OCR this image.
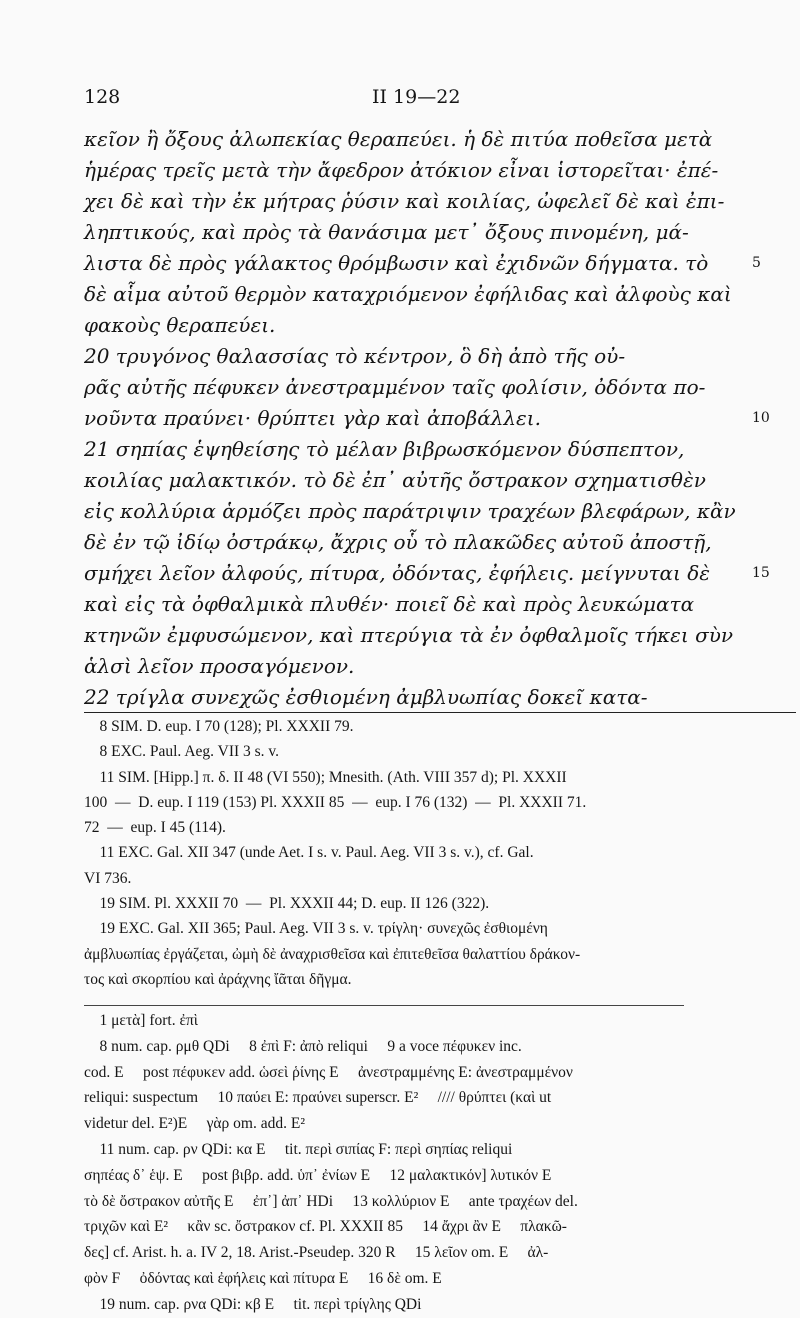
128	II 19—22
κεῖον ἢ ὄξους ἀλωπεκίας θεραπεύει. ἡ δὲ πιτύα ποθεῖσα μετὰ
ἡμέρας τρεῖς μετὰ τὴν ἄφεδρον ἀτόκιον εἶναι ἱστορεῖται· ἐπέ-
χει δὲ καὶ τὴν ἐκ μήτρας ῥύσιν καὶ κοιλίας, ὠφελεῖ δὲ καὶ ἐπι-
ληπτικούς, καὶ πρὸς τὰ θανάσιμα μετ᾽ ὄξους πινομένη, μά-
λιστα δὲ πρὸς γάλακτος θρόμβωσιν καὶ ἐχιδνῶν δήγματα. τὸ	5
δὲ αἷμα αὐτοῦ θερμὸν καταχριόμενον ἐφήλιδας καὶ ἀλφοὺς καὶ
φακοὺς θεραπεύει.
20 τρυγόνος θαλασσίας τὸ κέντρον, ὃ δὴ ἀπὸ τῆς οὐ-
ρᾶς αὐτῆς πέφυκεν ἀνεστραμμένον ταῖς φολίσιν, ὀδόντα πο-
νοῦντα πραύνει· θρύπτει γὰρ καὶ ἀποβάλλει.	10
21 σηπίας ἑψηθείσης τὸ μέλαν βιβρωσκόμενον δύσπεπτον,
κοιλίας μαλακτικόν. τὸ δὲ ἐπ᾽ αὐτῆς ὄστρακον σχηματισθὲν
εἰς κολλύρια ἁρμόζει πρὸς παράτριψιν τραχέων βλεφάρων, κἂν
δὲ ἐν τῷ ἰδίῳ ὀστράκῳ, ἄχρις οὗ τὸ πλακῶδες αὐτοῦ ἀποστῇ,
σμήχει λεῖον ἀλφούς, πίτυρα, ὀδόντας, ἐφήλεις. μείγνυται δὲ	15
καὶ εἰς τὰ ὀφθαλμικὰ πλυθέν· ποιεῖ δὲ καὶ πρὸς λευκώματα
κτηνῶν ἐμφυσώμενον, καὶ πτερύγια τὰ ἐν ὀφθαλμοῖς τήκει σὺν
ἁλσὶ λεῖον προσαγόμενον.
22 τρίγλα συνεχῶς ἐσθιομένη ἀμβλυωπίας δοκεῖ κατα-
8 SIM. D. eup. I 70 (128); Pl. XXXII 79.
8 EXC. Paul. Aeg. VII 3 s. v.
11 SIM. [Hipp.] π. δ. II 48 (VI 550); Mnesith. (Ath. VIII 357 d); Pl. XXXII
100  —  D. eup. I 119 (153) Pl. XXXII 85  —  eup. I 76 (132)  —  Pl. XXXII 71.
72  —  eup. I 45 (114).
11 EXC. Gal. XII 347 (unde Aet. I s. v. Paul. Aeg. VII 3 s. v.), cf. Gal.
VI 736.
19 SIM. Pl. XXXII 70  —  Pl. XXXII 44; D. eup. II 126 (322).
19 EXC. Gal. XII 365; Paul. Aeg. VII 3 s. v. τρίγλη· συνεχῶς ἐσθιομένη
ἀμβλυωπίας ἐργάζεται, ὠμὴ δὲ ἀναχρισθεῖσα καὶ ἐπιτεθεῖσα θαλαττίου δράκον-
τος καὶ σκορπίου καὶ ἀράχνης ἴᾶται δῆγμα.
1 μετὰ] fort. ἐπὶ
8 num. cap. ρμθ QDi     8 ἐπὶ F: ἀπὸ reliqui     9 a voce πέφυκεν inc.
cod. E     post πέφυκεν add. ὡσεὶ ῥίνης E     ἀνεστραμμένης E: ἀνεστραμμένον
reliqui: suspectum     10 παύει E: πραύνει superscr. E²     //// θρύπτει (καὶ ut
videtur del. E²)E     γὰρ om. add. E²
11 num. cap. ρν QDi: κα E     tit. περὶ σιπίας F: περὶ σηπίας reliqui
σηπέας δ᾽ ἑψ. E     post βιβρ. add. ὑπ᾽ ἐνίων E     12 μαλακτικόν] λυτικόν E
τὸ δὲ ὄστρακον αὐτῆς E     ἐπ᾽] ἀπ᾽ HDi     13 κολλύριον E     ante τραχέων del.
τριχῶν καὶ E²     κἂν sc. ὄστρακον cf. Pl. XXXII 85     14 ἄχρι ἂν E     πλακῶ-
δες] cf. Arist. h. a. IV 2, 18. Arist.-Pseudep. 320 R     15 λεῖον om. E     ἀλ-
φὸν F     ὀδόντας καὶ ἐφήλεις καὶ πίτυρα E     16 δὲ om. E
19 num. cap. ρνα QDi: κβ E     tit. περὶ τρίγλης QDi
